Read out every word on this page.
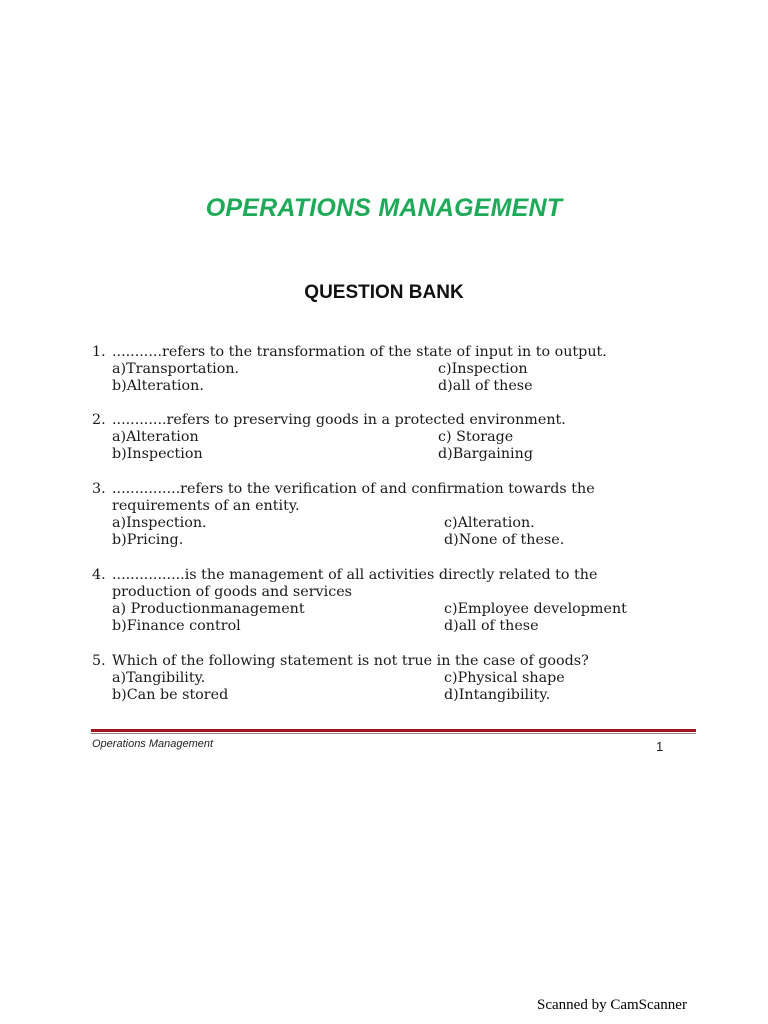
OPERATIONS MANAGEMENT
QUESTION BANK
1. ...........refers to the transformation of the state of input in to output.
a)Transportation.	c)Inspection
b)Alteration.	d)all of these
2. ............refers to preserving goods in a protected environment.
a)Alteration	c) Storage
b)Inspection	d)Bargaining
3. ...............refers to the verification of and confirmation towards the requirements of an entity.
a)Inspection.	c)Alteration.
b)Pricing.	d)None of these.
4. ................is the management of all activities directly related to the production of goods and services
a) Productionmanagement	c)Employee development
b)Finance control	d)all of these
5. Which of the following statement is not true in the case of goods?
a)Tangibility.	c)Physical shape
b)Can be stored	d)Intangibility.
Operations Management	1
Scanned by CamScanner
